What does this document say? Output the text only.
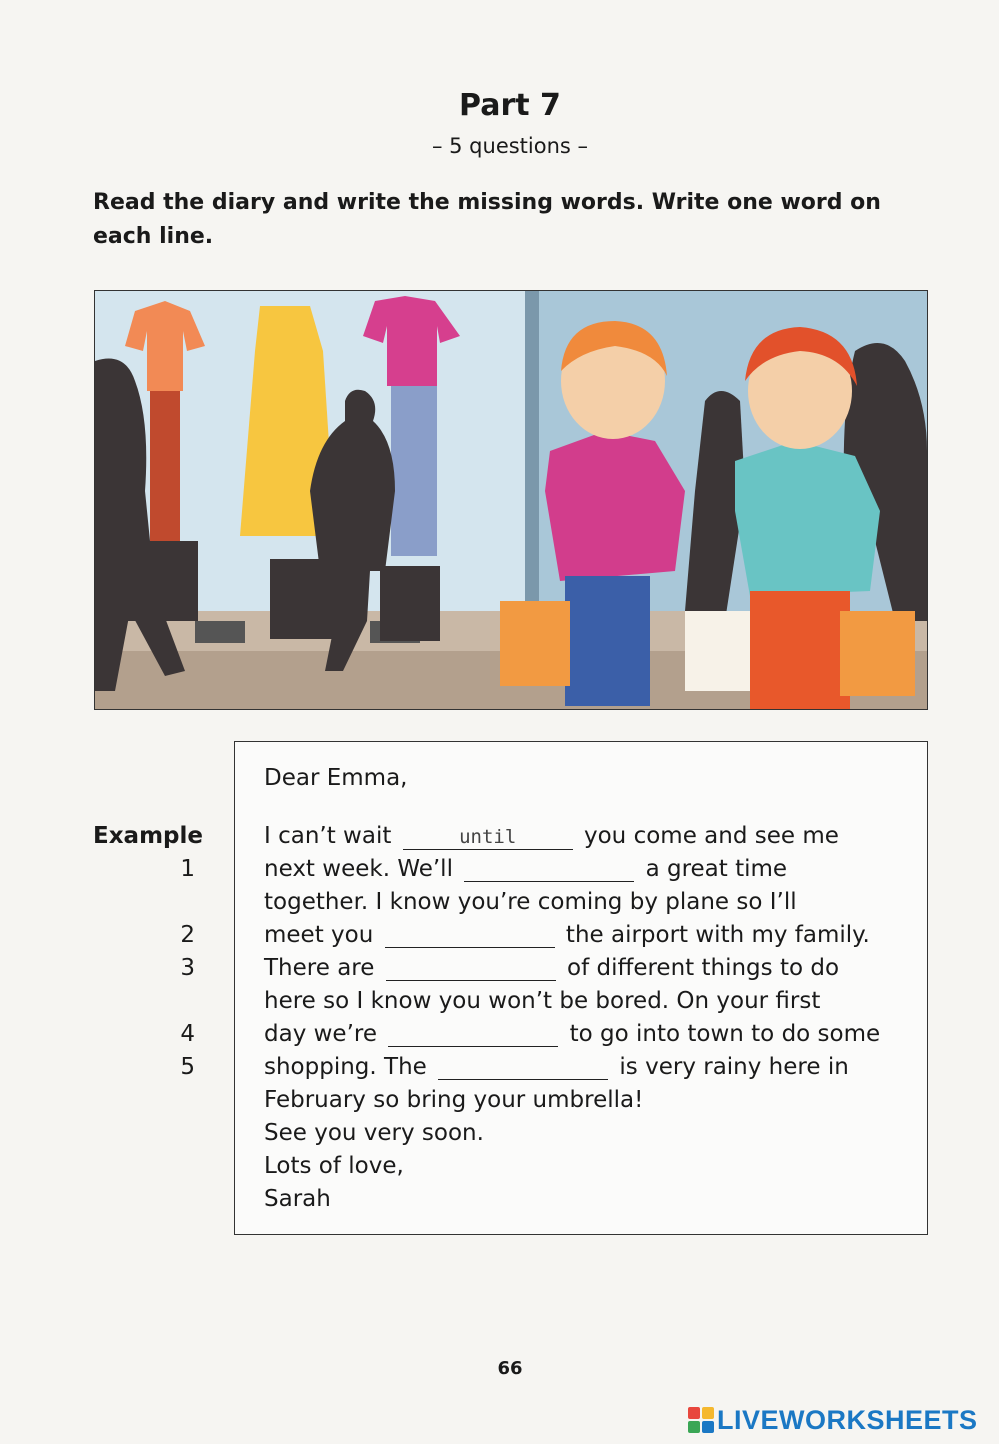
Part 7
– 5 questions –
Read the diary and write the missing words. Write one word on each line.
Dear Emma,
Example	I can’t wait until	you come and see me
1	next week. We’ll	a great time
together. I know you’re coming by plane so I’ll
2	meet you	the airport with my family.
3	There are	of different things to do
here so I know you won’t be bored. On your first
4	day we’re	to go into town to do some
5	shopping. The	is very rainy here in
February so bring your umbrella!
See you very soon.
Lots of love,
Sarah
66
LIVEWORKSHEETS
